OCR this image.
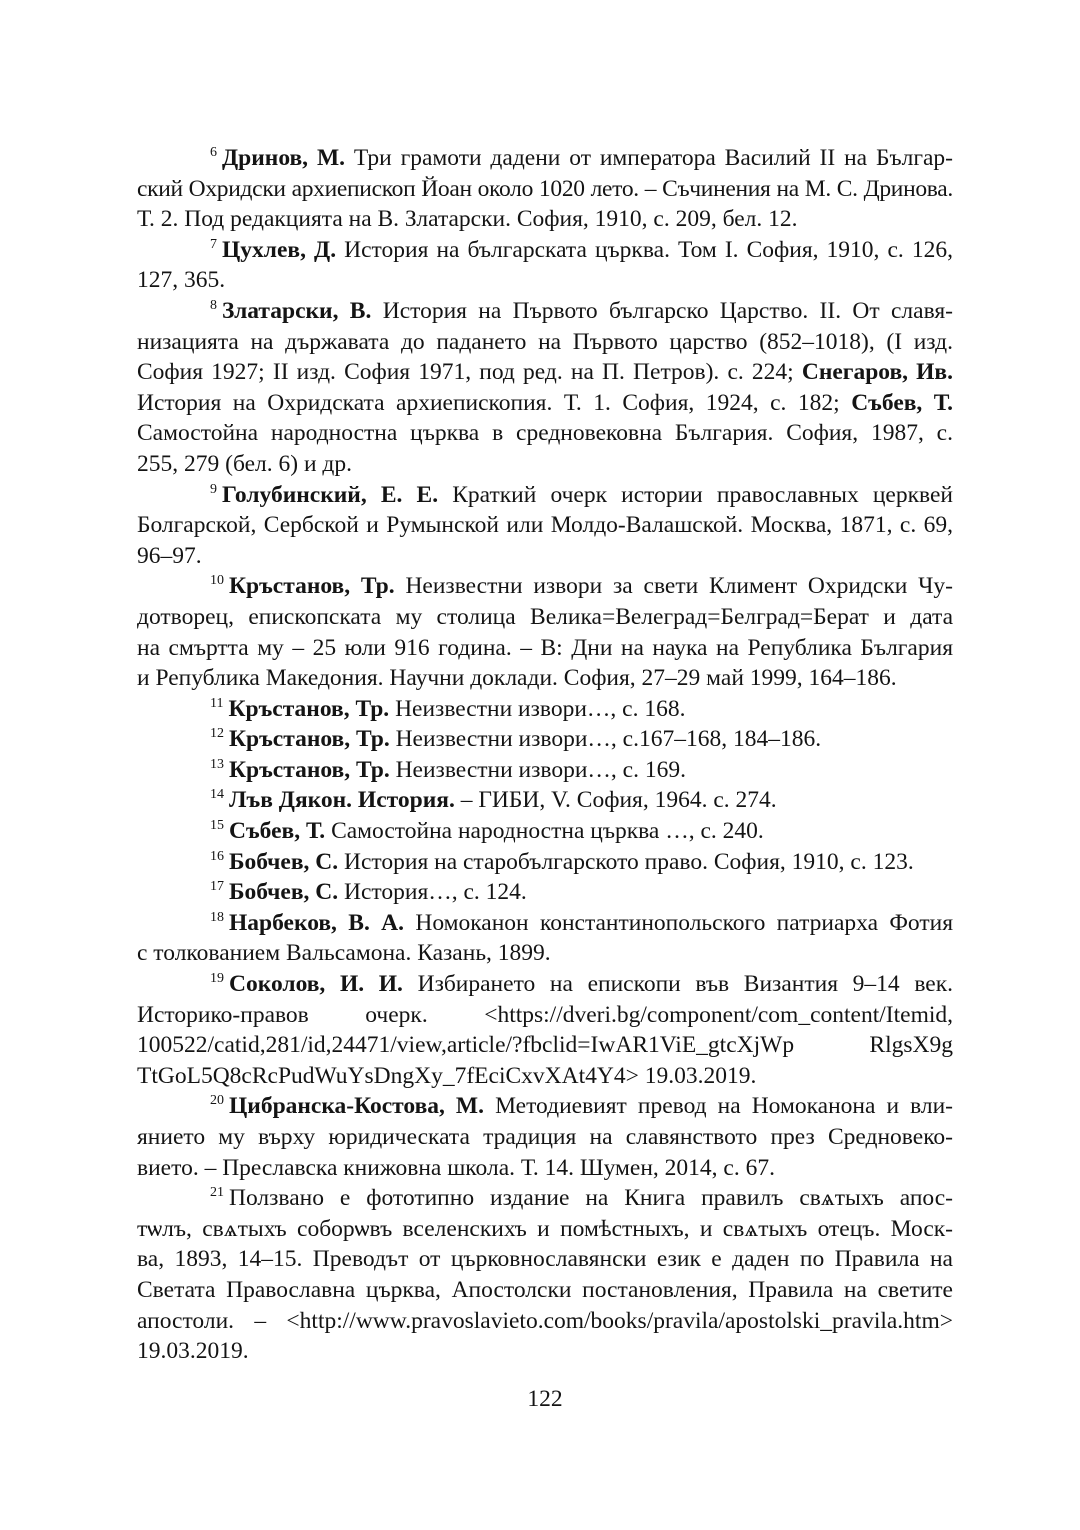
$^6$ Дринов, М. Три грамоти дадени от императора Василий II на Българ-
ский Охридски архиепископ Йоан около 1020 лето. – Съчинения на М. С. Дринова.
Т. 2. Под редакцията на В. Златарски. София, 1910, с. 209, бел. 12.
$^7$ Цухлев, Д. История на българската църква. Том I. София, 1910, с. 126,
127, 365.
$^8$ Златарски, В. История на Първото българско Царство. II. От славя-
низацията на държавата до падането на Първото царство (852–1018), (I изд.
София 1927; II изд. София 1971, под ред. на П. Петров). с. 224; Снегаров, Ив.
История на Охридската архиепископия. Т. 1. София, 1924, с. 182; Събев, Т.
Самостойна народностна църква в средновековна България. София, 1987, с.
255, 279 (бел. 6) и др.
$^9$ Голубинский, Е. Е. Краткий очерк истории православных церквей
Болгарской, Сербской и Румынской или Молдо-Валашской. Москва, 1871, с. 69,
96–97.
$^{10}$ Кръстанов, Тр. Неизвестни извори за свети Климент Охридски Чу-
дотворец, епископската му столица Велика=Велеград=Белград=Берат и дата
на смъртта му – 25 юли 916 година. – В: Дни на наука на Република България
и Република Македония. Научни доклади. София, 27–29 май 1999, 164–186.
$^{11}$ Кръстанов, Тр. Неизвестни извори…, с. 168.
$^{12}$ Кръстанов, Тр. Неизвестни извори…, с.167–168, 184–186.
$^{13}$ Кръстанов, Тр. Неизвестни извори…, с. 169.
$^{14}$ Лъв Дякон. История. – ГИБИ, V. София, 1964. с. 274.
$^{15}$ Събев, Т. Самостойна народностна църква …, с. 240.
$^{16}$ Бобчев, С. История на старобългарското право. София, 1910, с. 123.
$^{17}$ Бобчев, С. История…, с. 124.
$^{18}$ Нарбеков, В. А. Номоканон константинопольского патриарха Фотия
с толкованием Вальсамона. Казань, 1899.
$^{19}$ Соколов, И. И. Избирането на епископи във Византия 9–14 век.
Историко-правов очерк. <https://dveri.bg/component/com_content/Itemid,
100522/catid,281/id,24471/view,article/?fbclid=IwAR1ViE_gtcXjWp RlgsX9g
TtGoL5Q8cRcPudWuYsDngXy_7fEciCxvXAt4Y4> 19.03.2019.
$^{20}$ Цибранска-Костова, М. Методиевият превод на Номоканона и вли-
янието му върху юридическата традиция на славянството през Средновеко-
вието. – Преславска книжовна школа. Т. 14. Шумен, 2014, с. 67.
$^{21}$ Ползвано е фототипно издание на Книга правилъ свѧтыхъ апос-
тѡлъ, свѧтыхъ соборѡвъ вселенскихъ и помѣстныхъ, и свѧтыхъ отецъ. Моск-
ва, 1893, 14–15. Преводът от църковнославянски език е даден по Правила на
Светата Православна църква, Апостолски постановления, Правила на светите
апостоли. – <http://www.pravoslavieto.com/books/pravila/apostolski_pravila.htm>
19.03.2019.
122
